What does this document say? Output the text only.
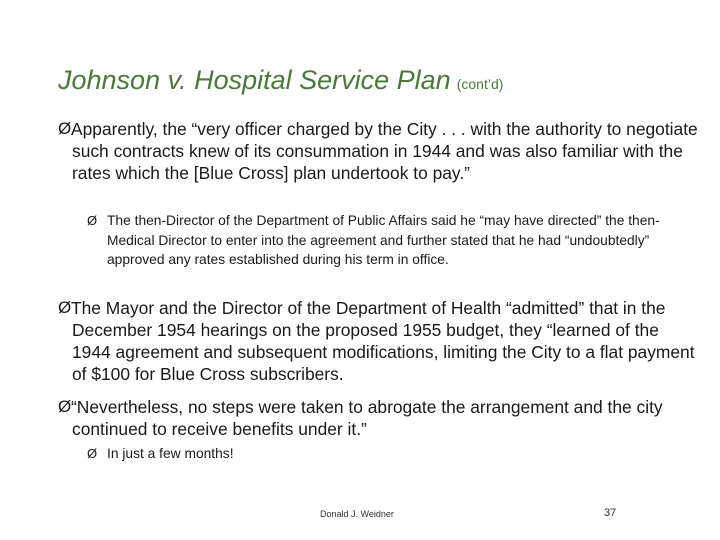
Johnson v. Hospital Service Plan (cont’d)
Ø Apparently, the “very officer charged by the City . . . with the authority to negotiate such contracts knew of its consummation in 1944 and was also familiar with the rates which the [Blue Cross] plan undertook to pay.”
Ø The then-Director of the Department of Public Affairs said he “may have directed” the then-Medical Director to enter into the agreement and further stated that he had “undoubtedly” approved any rates established during his term in office.
Ø The Mayor and the Director of the Department of Health “admitted” that in the December 1954 hearings on the proposed 1955 budget, they “learned of the 1944 agreement and subsequent modifications, limiting the City to a flat payment of $100 for Blue Cross subscribers.
Ø “Nevertheless, no steps were taken to abrogate the arrangement and the city continued to receive benefits under it.”
Ø In just a few months!
Donald J. Weidner	37
